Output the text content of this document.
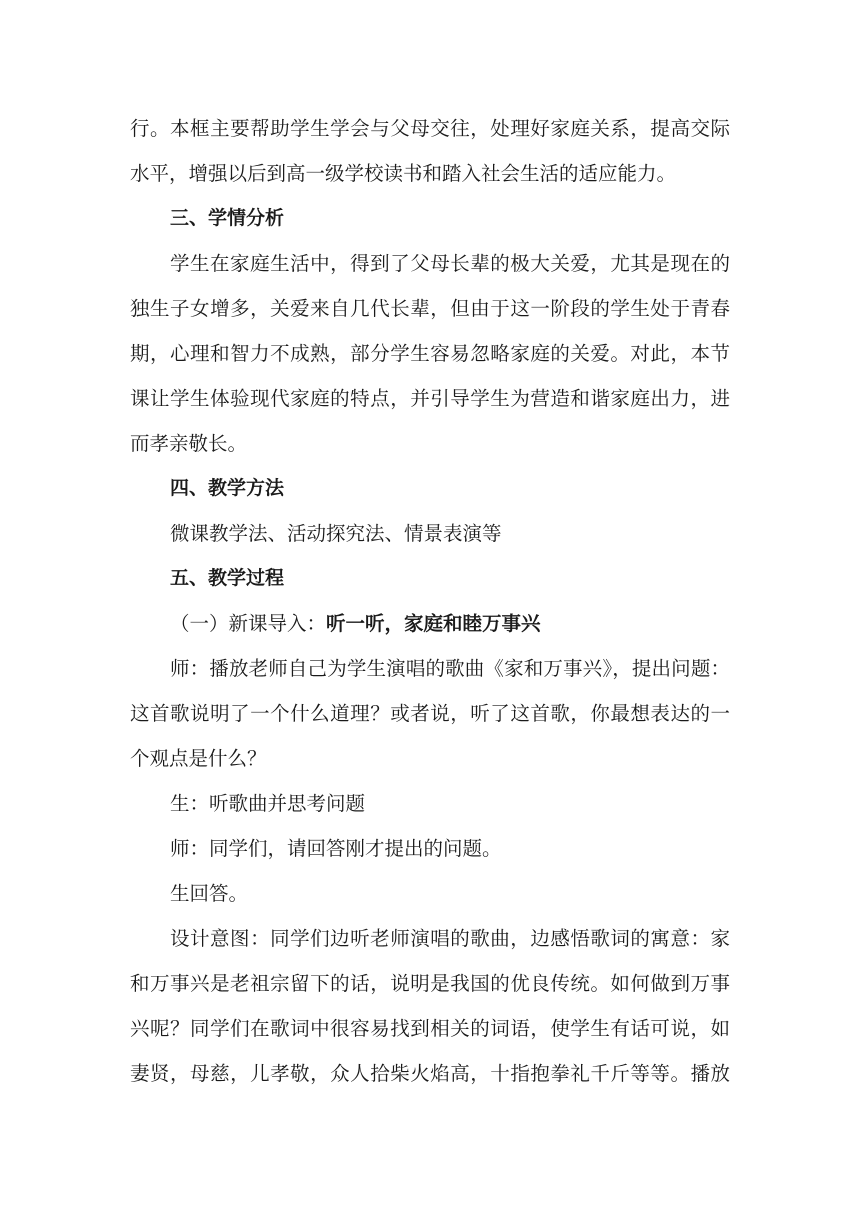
行。本框主要帮助学生学会与父母交往，处理好家庭关系，提高交际
水平，增强以后到高一级学校读书和踏入社会生活的适应能力。
三、学情分析
学生在家庭生活中，得到了父母长辈的极大关爱，尤其是现在的
独生子女增多，关爱来自几代长辈，但由于这一阶段的学生处于青春
期，心理和智力不成熟，部分学生容易忽略家庭的关爱。对此，本节
课让学生体验现代家庭的特点，并引导学生为营造和谐家庭出力，进
而孝亲敬长。
四、教学方法
微课教学法、活动探究法、情景表演等
五、教学过程
（一）新课导入：听一听，家庭和睦万事兴
师：播放老师自己为学生演唱的歌曲《家和万事兴》，提出问题：
这首歌说明了一个什么道理？或者说，听了这首歌，你最想表达的一
个观点是什么？
生：听歌曲并思考问题
师：同学们，请回答刚才提出的问题。
生回答。
设计意图：同学们边听老师演唱的歌曲，边感悟歌词的寓意：家
和万事兴是老祖宗留下的话，说明是我国的优良传统。如何做到万事
兴呢？同学们在歌词中很容易找到相关的词语，使学生有话可说，如
妻贤，母慈，儿孝敬，众人拾柴火焰高，十指抱拳礼千斤等等。播放
